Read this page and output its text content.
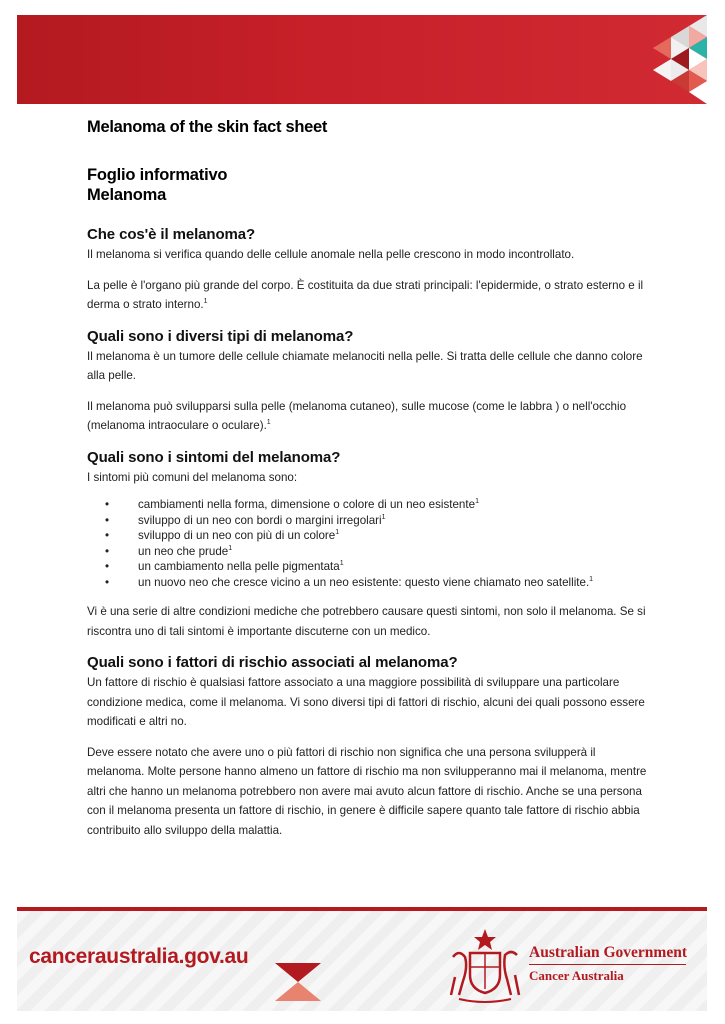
Melanoma of the skin fact sheet
Foglio informativo
Melanoma
Che cos'è il melanoma?

Il melanoma si verifica quando delle cellule anomale nella pelle crescono in modo incontrollato.

La pelle è l'organo più grande del corpo. È costituita da due strati principali: l'epidermide, o strato esterno e il derma o strato interno.$^1$

Quali sono i diversi tipi di melanoma?

Il melanoma è un tumore delle cellule chiamate melanociti nella pelle. Si tratta delle cellule che danno colore alla pelle.

Il melanoma può svilupparsi sulla pelle (melanoma cutaneo), sulle mucose (come le labbra ) o nell'occhio (melanoma intraoculare o oculare).$^1$

Quali sono i sintomi del melanoma?

I sintomi più comuni del melanoma sono:

• cambiamenti nella forma, dimensione o colore di un neo esistente$^1$
• sviluppo di un neo con bordi o margini irregolari$^1$
• sviluppo di un neo con più di un colore$^1$
• un neo che prude$^1$
• un cambiamento nella pelle pigmentata$^1$
• un nuovo neo che cresce vicino a un neo esistente: questo viene chiamato neo satellite.$^1$

Vi è una serie di altre condizioni mediche che potrebbero causare questi sintomi, non solo il melanoma. Se si riscontra uno di tali sintomi è importante discuterne con un medico.

Quali sono i fattori di rischio associati al melanoma?

Un fattore di rischio è qualsiasi fattore associato a una maggiore possibilità di sviluppare una particolare condizione medica, come il melanoma. Vi sono diversi tipi di fattori di rischio, alcuni dei quali possono essere modificati e altri no.

Deve essere notato che avere uno o più fattori di rischio non significa che una persona svilupperà il melanoma. Molte persone hanno almeno un fattore di rischio ma non svilupperanno mai il melanoma, mentre altri che hanno un melanoma potrebbero non avere mai avuto alcun fattore di rischio. Anche se una persona con il melanoma presenta un fattore di rischio, in genere è difficile sapere quanto tale fattore di rischio abbia contribuito allo sviluppo della malattia.

canceraustralia.gov.au	Australian Government
Cancer Australia
